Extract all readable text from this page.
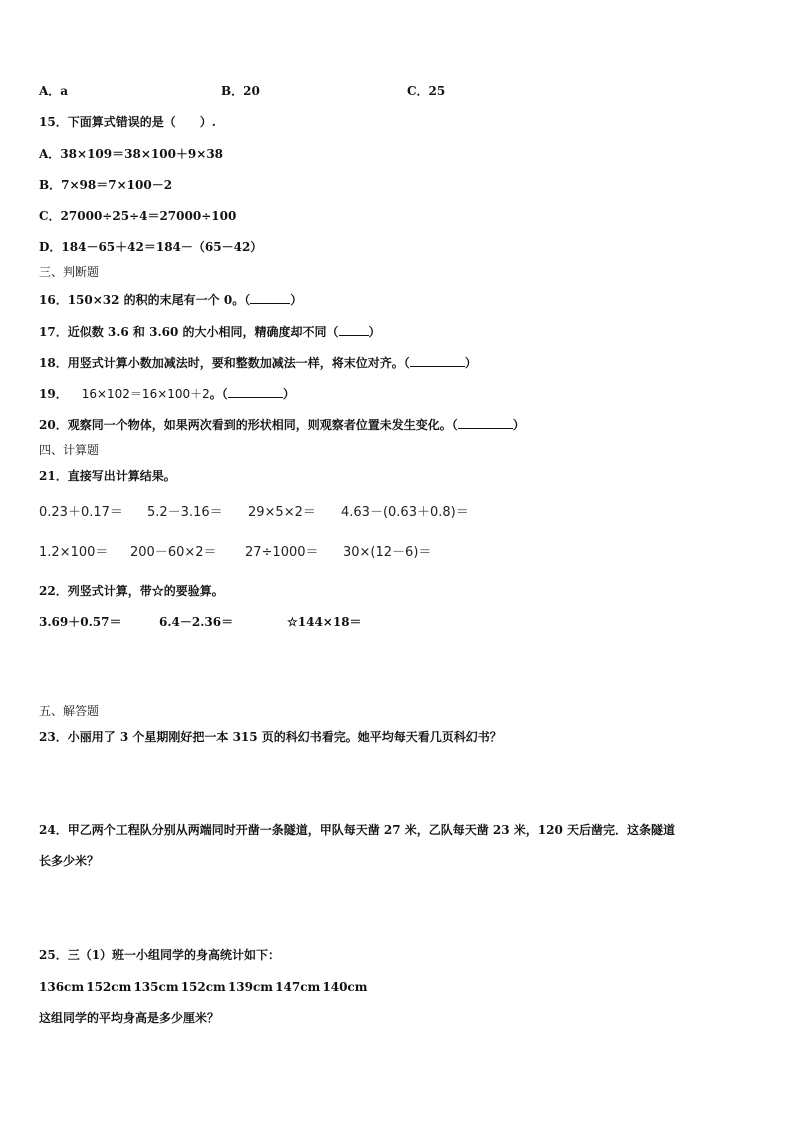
A．a	B．20	C．25
15．下面算式错误的是（　　）.
A．38×109＝38×100＋9×38
B．7×98＝7×100－2
C．27000÷25÷4＝27000÷100
D．184－65＋42＝184－（65－42）
三、判断题
16．150×32 的积的末尾有一个 0。（	）
17．近似数 3.6 和 3.60 的大小相同，精确度却不同（	）
18．用竖式计算小数加减法时，要和整数加减法一样，将末位对齐。（	）
19． 16×102＝16×100＋2。（	）
20．观察同一个物体，如果两次看到的形状相同，则观察者位置未发生变化。（	）
四、计算题
21．直接写出计算结果。
0.23＋0.17＝ 5.2－3.16＝ 29×5×2＝ 4.63－(0.63＋0.8)＝
1.2×100＝ 200－60×2＝ 27÷1000＝ 30×(12－6)＝
22．列竖式计算，带☆的要验算。
3.69＋0.57＝	6.4－2.36＝	☆144×18＝
五、解答题
23．小丽用了 3 个星期刚好把一本 315 页的科幻书看完。她平均每天看几页科幻书？
24．甲乙两个工程队分别从两端同时开凿一条隧道，甲队每天凿 27 米，乙队每天凿 23 米，120 天后凿完．这条隧道
长多少米？
25．三（1）班一小组同学的身高统计如下：
136cm 152cm 135cm 152cm 139cm 147cm 140cm
这组同学的平均身高是多少厘米？
